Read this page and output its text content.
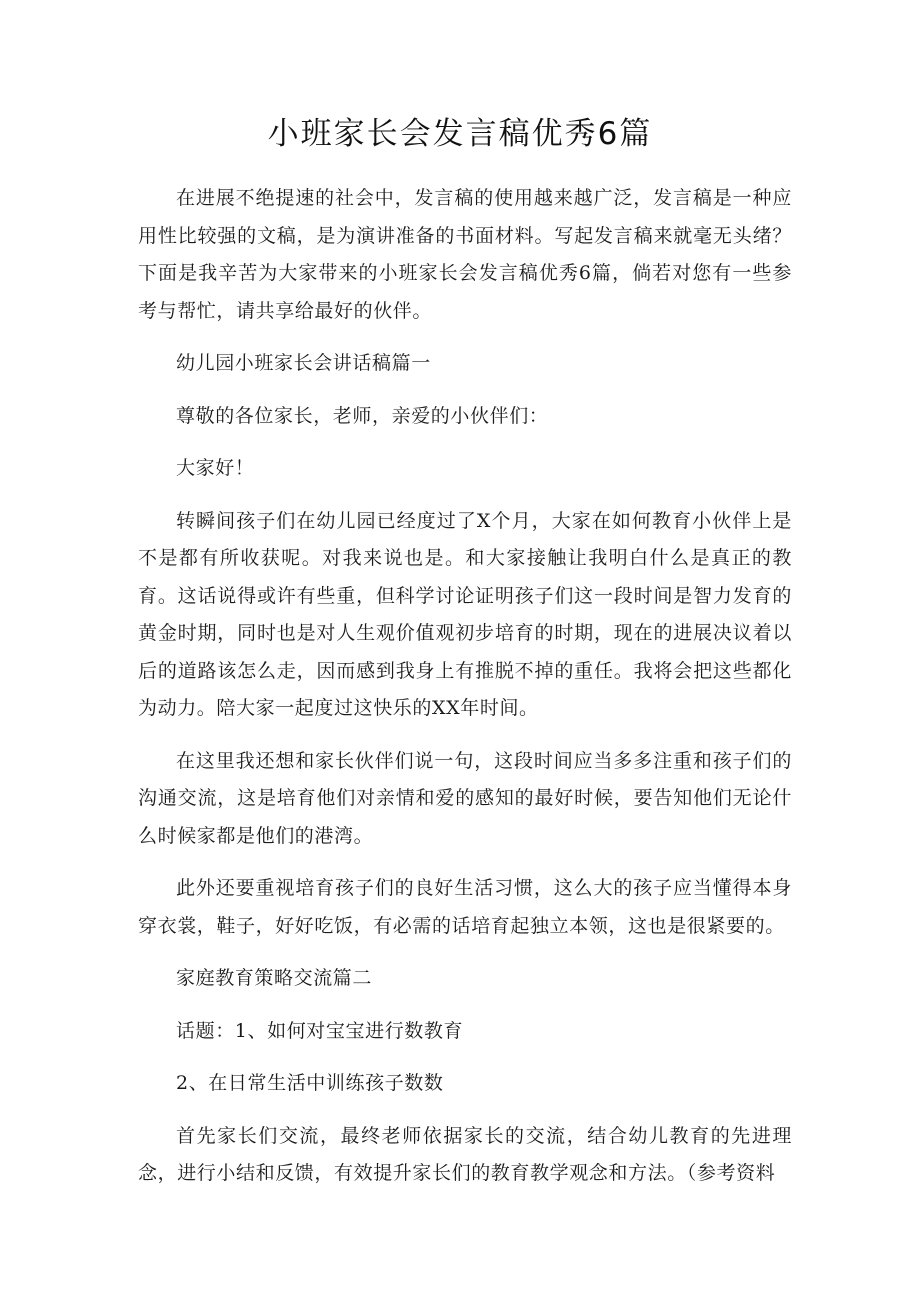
小班家长会发言稿优秀6篇

在进展不绝提速的社会中，发言稿的使用越来越广泛，发言稿是一种应用性比较强的文稿，是为演讲准备的书面材料。写起发言稿来就毫无头绪？下面是我辛苦为大家带来的小班家长会发言稿优秀6篇，倘若对您有一些参考与帮忙，请共享给最好的伙伴。

幼儿园小班家长会讲话稿篇一

尊敬的各位家长，老师，亲爱的小伙伴们：

大家好！

转瞬间孩子们在幼儿园已经度过了X个月，大家在如何教育小伙伴上是不是都有所收获呢。对我来说也是。和大家接触让我明白什么是真正的教育。这话说得或许有些重，但科学讨论证明孩子们这一段时间是智力发育的黄金时期，同时也是对人生观价值观初步培育的时期，现在的进展决议着以后的道路该怎么走，因而感到我身上有推脱不掉的重任。我将会把这些都化为动力。陪大家一起度过这快乐的XX年时间。

在这里我还想和家长伙伴们说一句，这段时间应当多多注重和孩子们的沟通交流，这是培育他们对亲情和爱的感知的最好时候，要告知他们无论什么时候家都是他们的港湾。

此外还要重视培育孩子们的良好生活习惯，这么大的孩子应当懂得本身穿衣裳，鞋子，好好吃饭，有必需的话培育起独立本领，这也是很紧要的。

家庭教育策略交流篇二

话题：1、如何对宝宝进行数教育

2、在日常生活中训练孩子数数

首先家长们交流，最终老师依据家长的交流，结合幼儿教育的先进理念，进行小结和反馈，有效提升家长们的教育教学观念和方法。（参考资料
